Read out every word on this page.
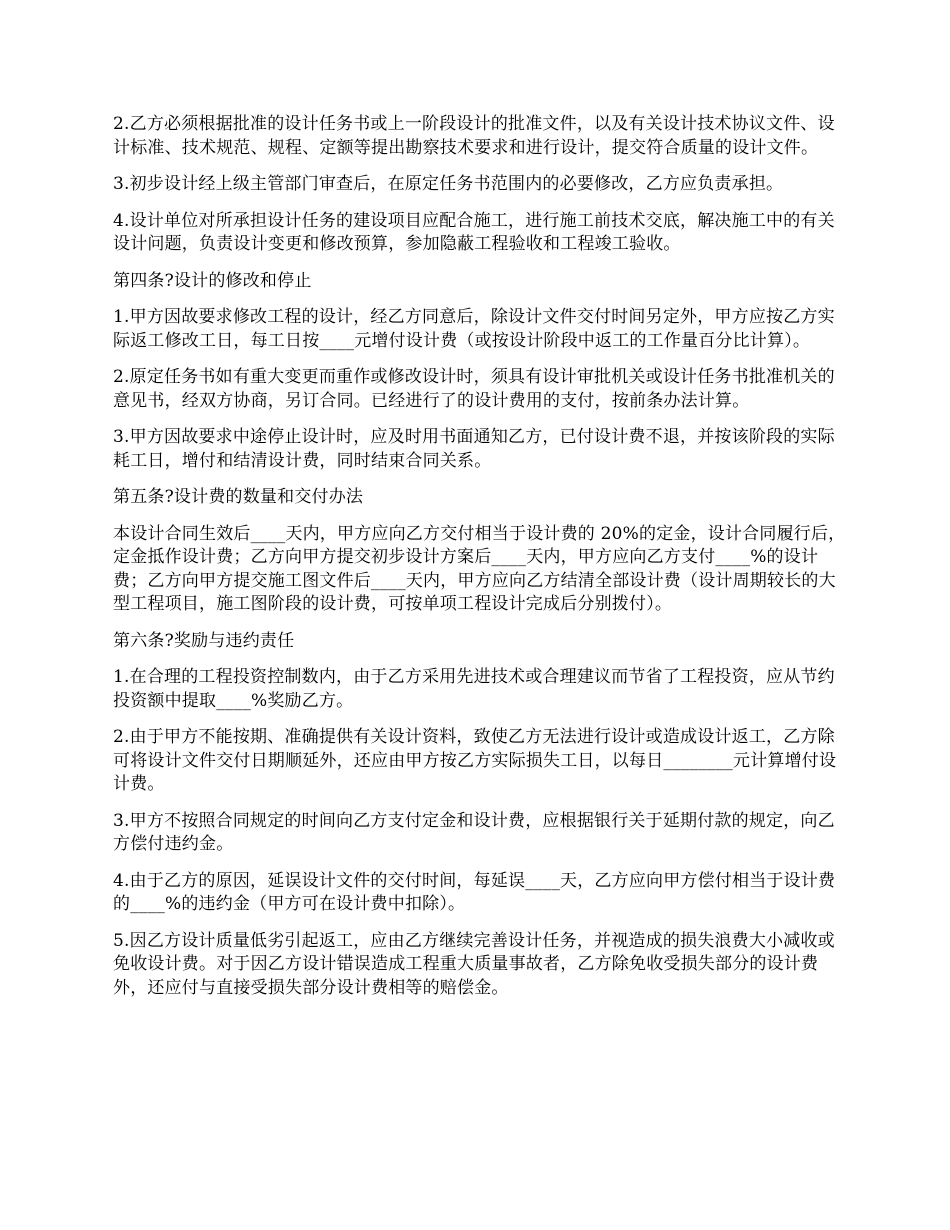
2.乙方必须根据批准的设计任务书或上一阶段设计的批准文件，以及有关设计技术协议文件、设计标准、技术规范、规程、定额等提出勘察技术要求和进行设计，提交符合质量的设计文件。

3.初步设计经上级主管部门审查后，在原定任务书范围内的必要修改，乙方应负责承担。

4.设计单位对所承担设计任务的建设项目应配合施工，进行施工前技术交底，解决施工中的有关设计问题，负责设计变更和修改预算，参加隐蔽工程验收和工程竣工验收。

第四条?设计的修改和停止

1.甲方因故要求修改工程的设计，经乙方同意后，除设计文件交付时间另定外，甲方应按乙方实际返工修改工日，每工日按____元增付设计费（或按设计阶段中返工的工作量百分比计算）。

2.原定任务书如有重大变更而重作或修改设计时，须具有设计审批机关或设计任务书批准机关的意见书，经双方协商，另订合同。已经进行了的设计费用的支付，按前条办法计算。

3.甲方因故要求中途停止设计时，应及时用书面通知乙方，已付设计费不退，并按该阶段的实际耗工日，增付和结清设计费，同时结束合同关系。

第五条?设计费的数量和交付办法

本设计合同生效后____天内，甲方应向乙方交付相当于设计费的 20%的定金，设计合同履行后，定金抵作设计费；乙方向甲方提交初步设计方案后____天内，甲方应向乙方支付____%的设计费；乙方向甲方提交施工图文件后____天内，甲方应向乙方结清全部设计费（设计周期较长的大型工程项目，施工图阶段的设计费，可按单项工程设计完成后分别拨付）。

第六条?奖励与违约责任

1.在合理的工程投资控制数内，由于乙方采用先进技术或合理建议而节省了工程投资，应从节约投资额中提取____%奖励乙方。

2.由于甲方不能按期、准确提供有关设计资料，致使乙方无法进行设计或造成设计返工，乙方除可将设计文件交付日期顺延外，还应由甲方按乙方实际损失工日，以每日________元计算增付设计费。

3.甲方不按照合同规定的时间向乙方支付定金和设计费，应根据银行关于延期付款的规定，向乙方偿付违约金。

4.由于乙方的原因，延误设计文件的交付时间，每延误____天，乙方应向甲方偿付相当于设计费的____%的违约金（甲方可在设计费中扣除）。

5.因乙方设计质量低劣引起返工，应由乙方继续完善设计任务，并视造成的损失浪费大小减收或免收设计费。对于因乙方设计错误造成工程重大质量事故者，乙方除免收受损失部分的设计费外，还应付与直接受损失部分设计费相等的赔偿金。
